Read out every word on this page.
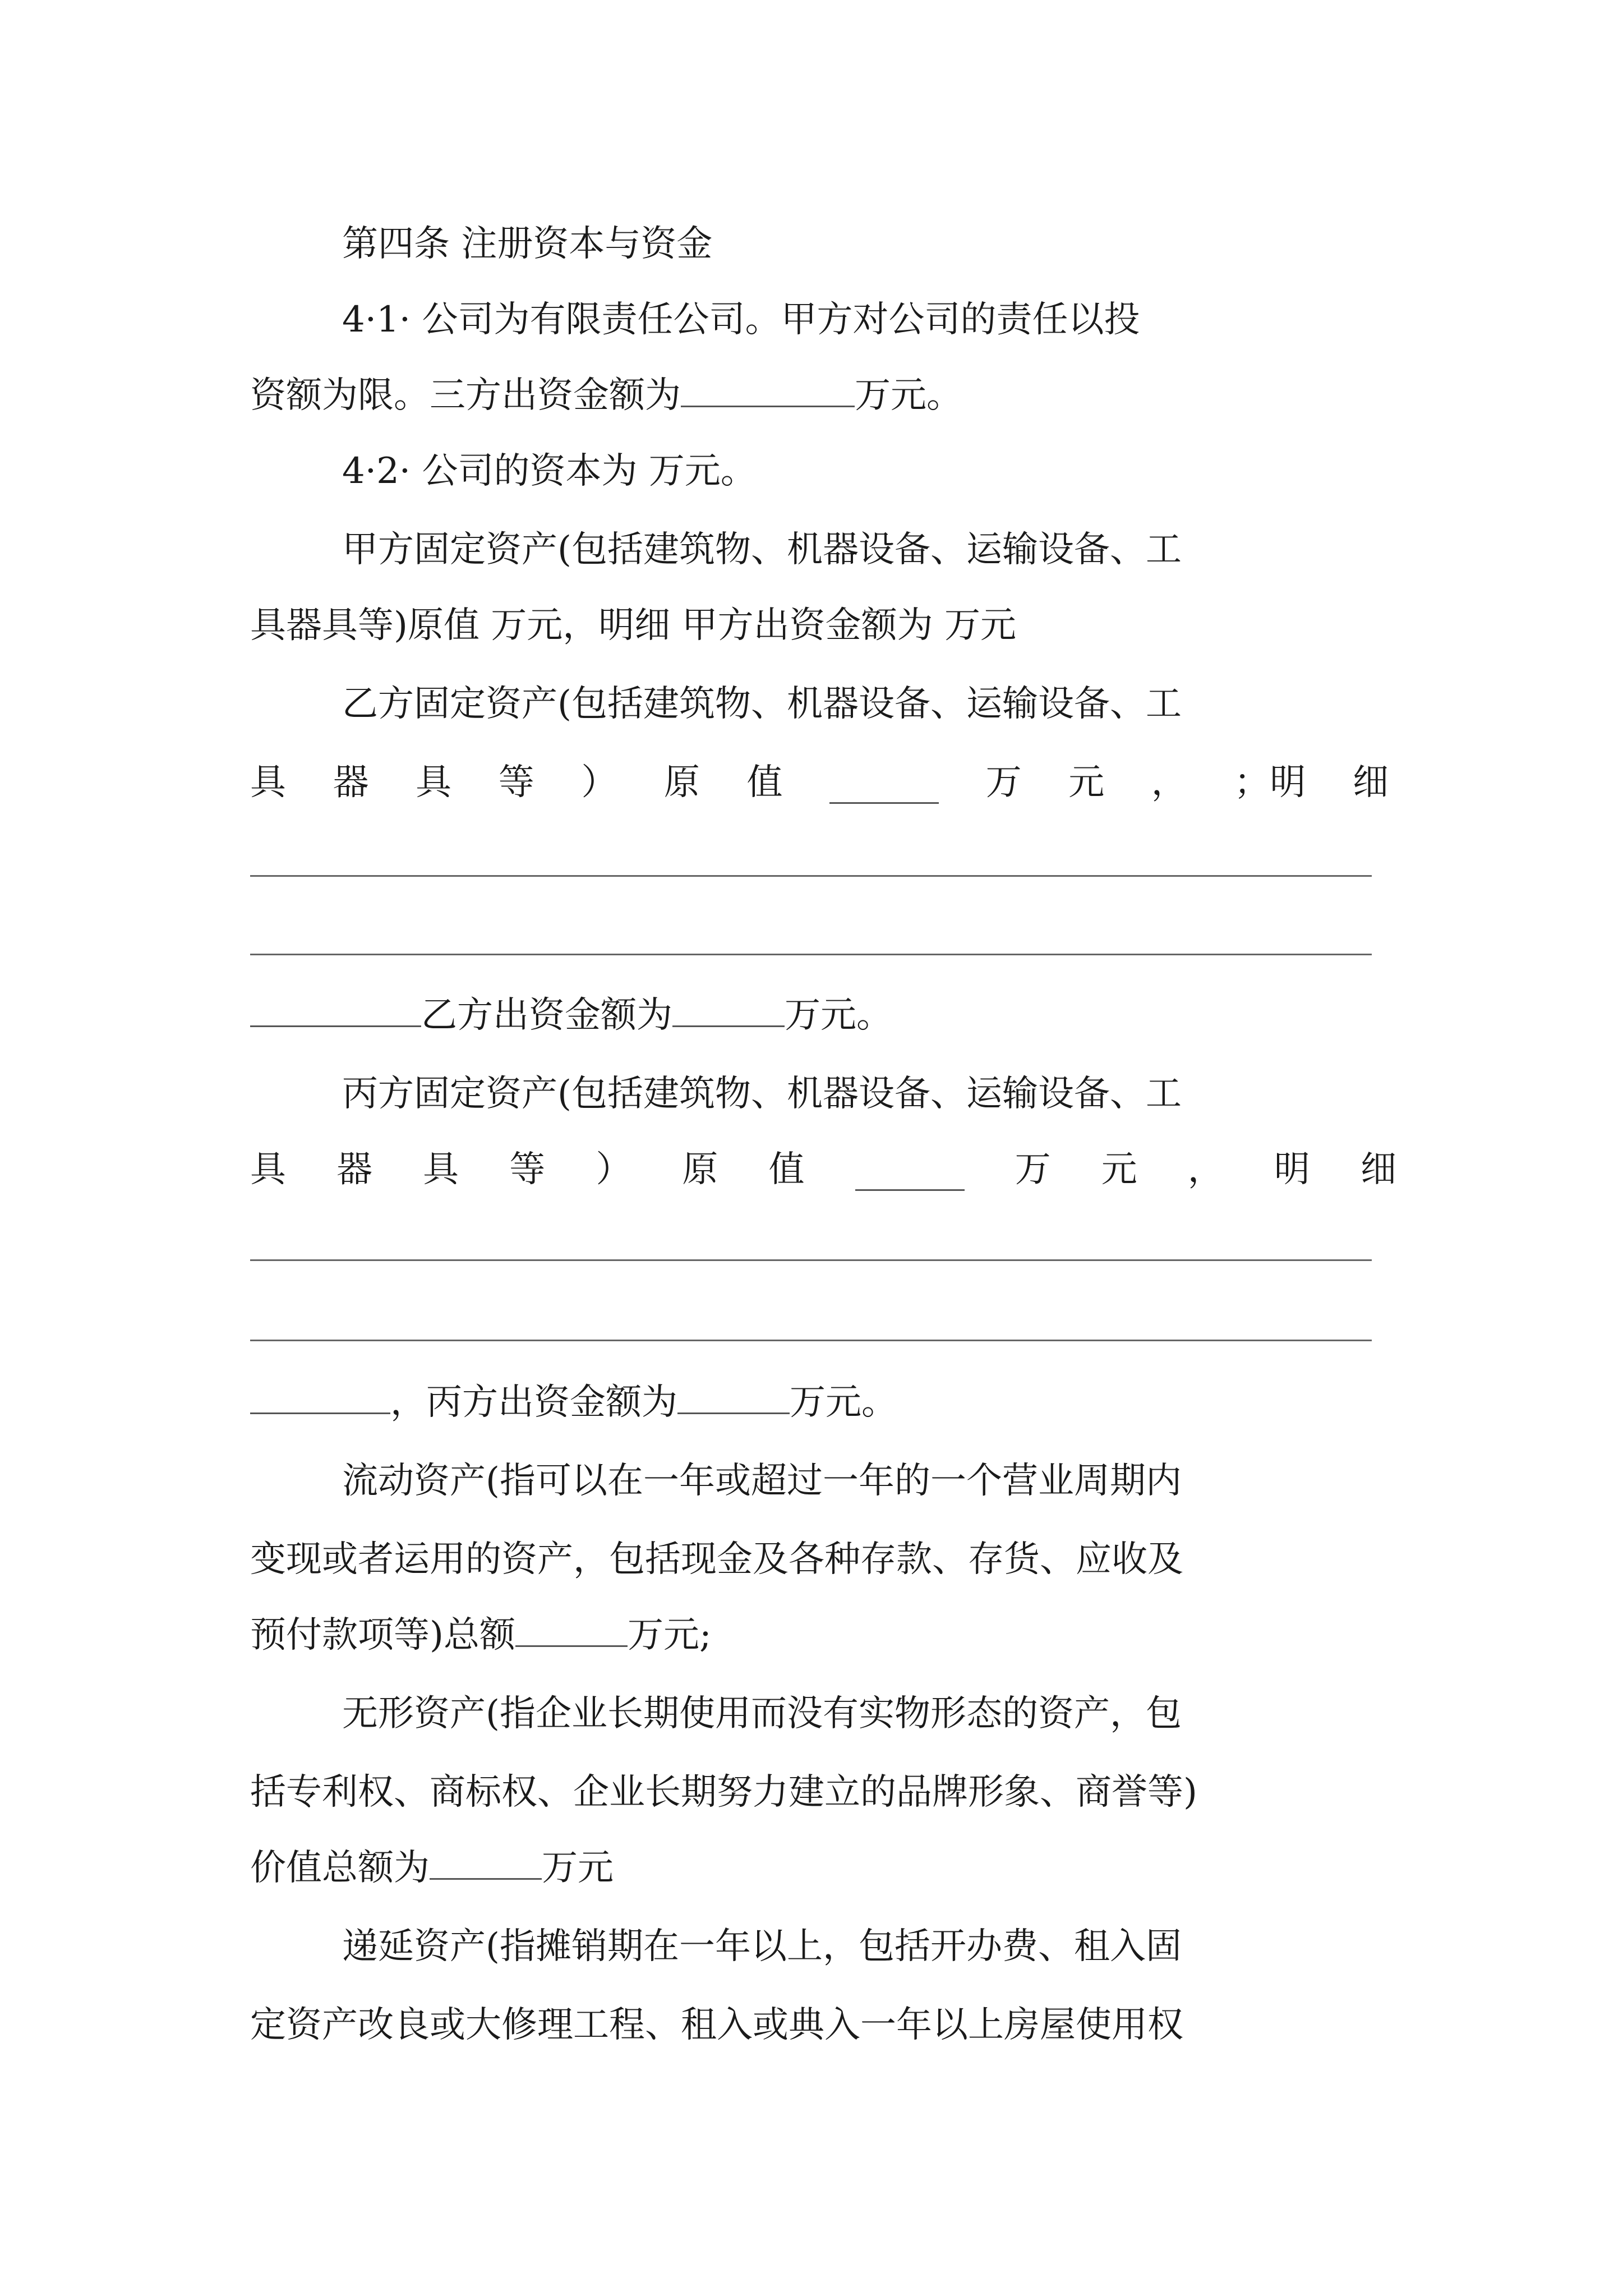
第四条 注册资本与资金
4·1· 公司为有限责任公司。甲方对公司的责任以投
资额为限。三方出资金额为	万元。
4·2· 公司的资本为 万元。
甲方固定资产(包括建筑物、机器设备、运输设备、工
具器具等)原值 万元，明细 甲方出资金额为 万元
乙方固定资产(包括建筑物、机器设备、运输设备、工
具 器 具 等 ） 原 值	万 元 ， ；明 细
乙方出资金额为	万元。
丙方固定资产(包括建筑物、机器设备、运输设备、工
具 器 具 等 ） 原 值	万 元 ， 明 细
，丙方出资金额为	万元。
流动资产(指可以在一年或超过一年的一个营业周期内
变现或者运用的资产，包括现金及各种存款、存货、应收及
预付款项等)总额	万元;
无形资产(指企业长期使用而没有实物形态的资产，包
括专利权、商标权、企业长期努力建立的品牌形象、商誉等)
价值总额为	万元
递延资产(指摊销期在一年以上，包括开办费、租入固
定资产改良或大修理工程、租入或典入一年以上房屋使用权
